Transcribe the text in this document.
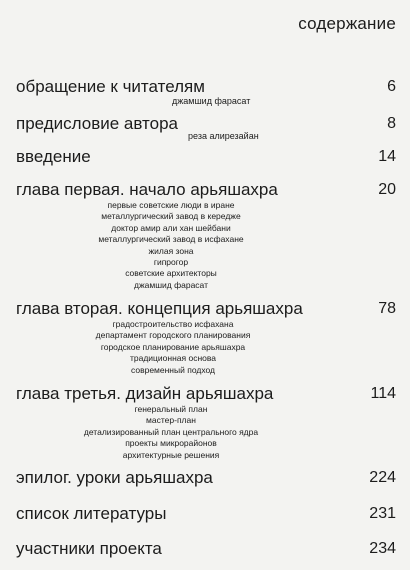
содержание
обращение к читателям	6
джамшид фарасат
предисловие автора	8
реза алирезайан
введение	14
глава первая. начало арьяшахра	20
первые советские люди в иране
металлургический завод в кередже
доктор амир али хан шейбани
металлургический завод в исфахане
жилая зона
гипрогор
советские архитекторы
джамшид фарасат
глава вторая. концепция арьяшахра	78
градостроительство исфахана
департамент городского планирования
городское планирование арьяшахра
традиционная основа
современный подход
глава третья. дизайн арьяшахра	114
генеральный план
мастер-план
детализированный план центрального ядра
проекты микрорайонов
архитектурные решения
эпилог. уроки арьяшахра	224
список литературы	231
участники проекта	234
